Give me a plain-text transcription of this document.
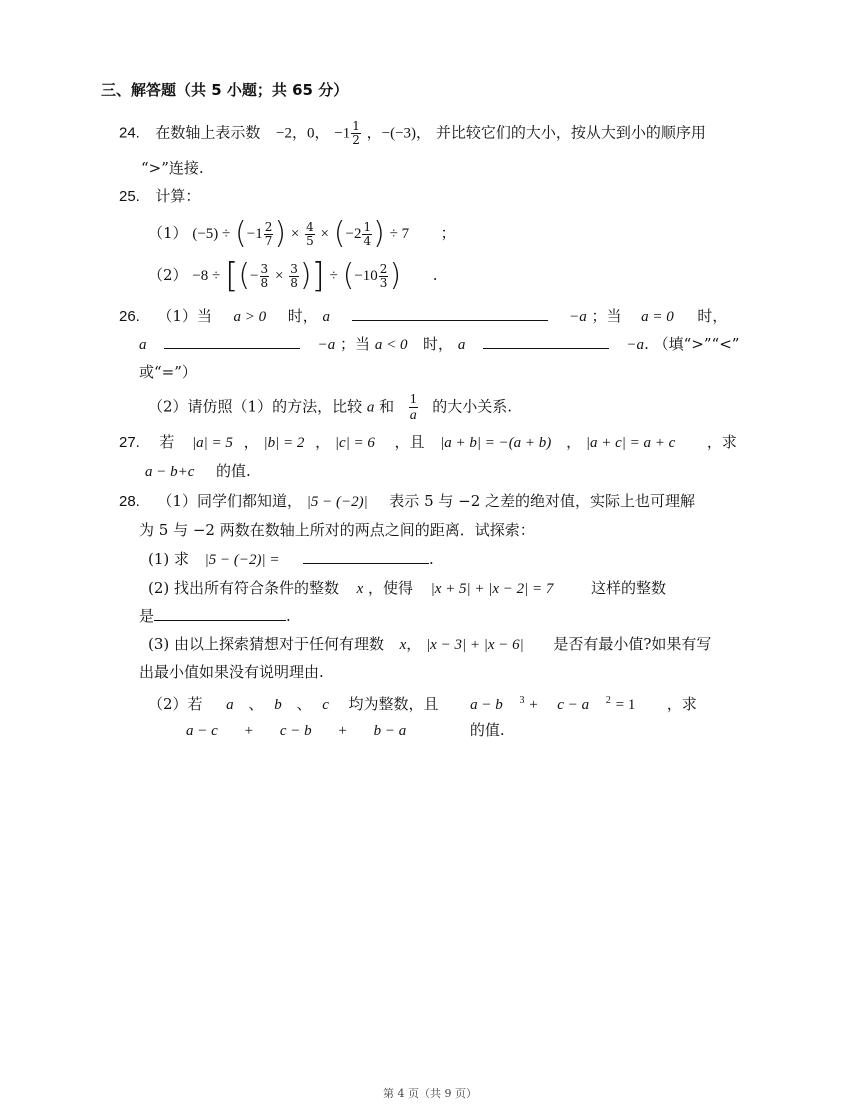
三、解答题（共 5 小题；共 65 分）
24. 在数轴上表示数 −2，0， $-1 \frac{1}{2}$ ，−(−3)， 并比较它们的大小，按从大到小的顺序用
“>”连接.
25. 计算：
（1） $(-5) \div (-1 \frac{2}{7}$ ) × $\frac{4}{5} \times (-2 \frac{1}{4}$ ) ÷ 7 ；
（2） −8 ÷ [(− $\frac{3}{8} \times \frac{3}{8}$ )] ÷ ($-10 \frac{2}{3}$ ) .
26. （1）当 a > 0 时， a	−a ；当 a = 0 时，
a	−a ；当 a < 0 时， a	−a. （填“>”“<”
或“=”）
（2）请仿照（1）的方法，比较 a 和 $\frac{1}{a}$ 的大小关系.
27. 若 |a| = 5 ， |b| = 2 ， |c| = 6 ，且 |a + b| = −(a + b) ， |a + c| = a + c ，求
a − b+c 的值.
28. （1）同学们都知道， |5 − (−2)| 表示 5 与 −2 之差的绝对值，实际上也可理解
为 5 与 −2 两数在数轴上所对的两点之间的距离．试探索：
(1) 求 |5 − (−2)| =	.
(2) 找出所有符合条件的整数 x ，使得 |x + 5| + |x − 2| = 7	这样的整数
是	.
(3) 由以上探索猜想对于任何有理数 x， |x − 3| + |x − 6| 是否有最小值?如果有写
出最小值如果没有说明理由.
（2）若 a 、 b 、 c 均为整数，且 a − b $^3$ + c − a $^2$ = 1 ，求
a − c + c − b + b − a	的值.
第 4 页（共 9 页）
